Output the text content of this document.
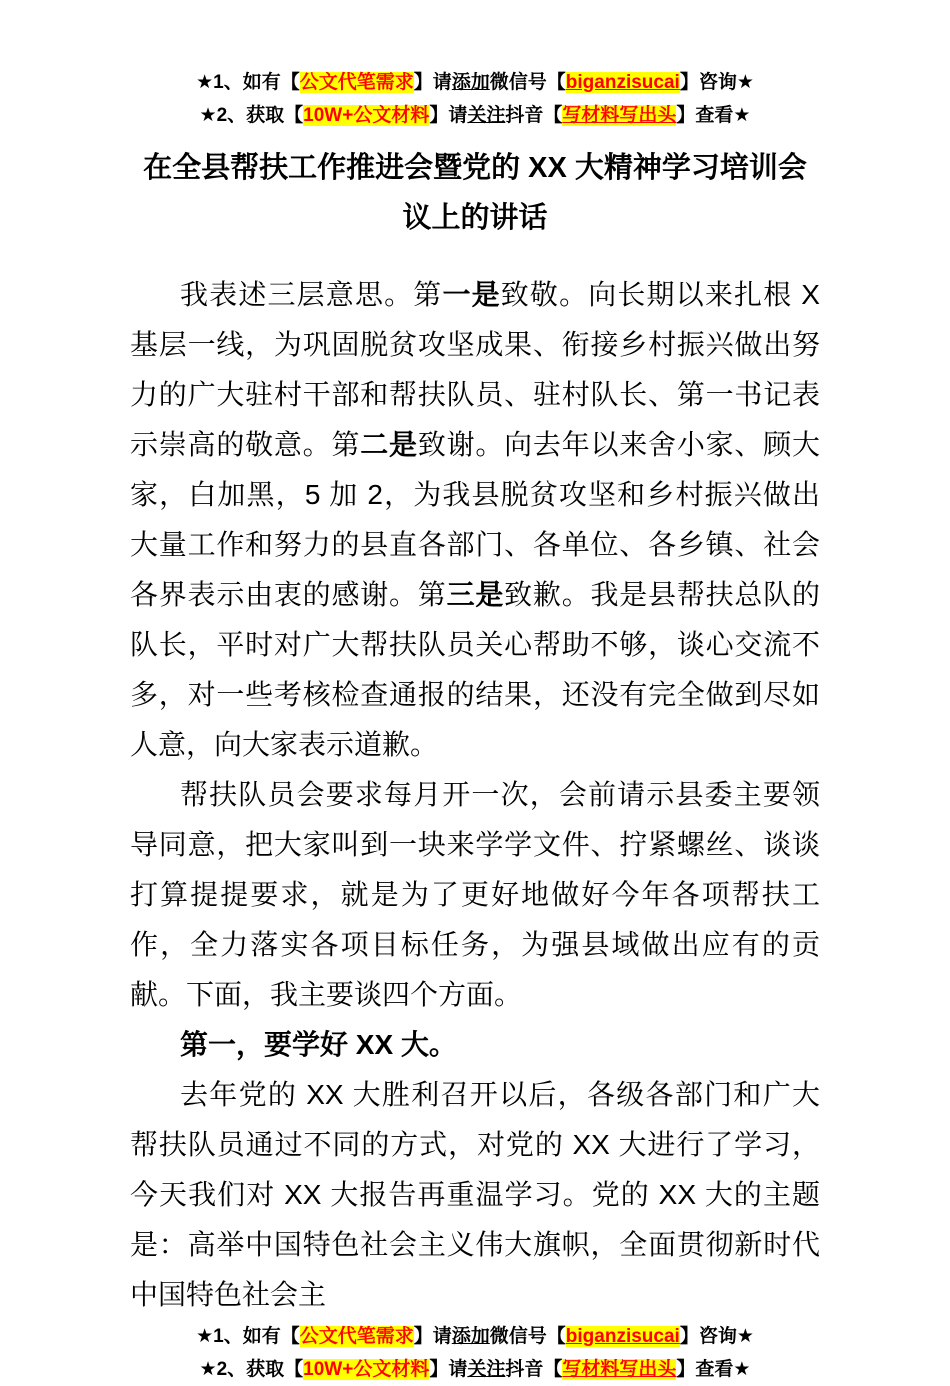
★1、如有【公文代笔需求】请添加微信号【biganzisucai】咨询★
★2、获取【10W+公文材料】请关注抖音【写材料写出头】查看★
在全县帮扶工作推进会暨党的 XX 大精神学习培训会议上的讲话

我表述三层意思。第一是致敬。向长期以来扎根 X 基层一线，为巩固脱贫攻坚成果、衔接乡村振兴做出努力的广大驻村干部和帮扶队员、驻村队长、第一书记表示崇高的敬意。第二是致谢。向去年以来舍小家、顾大家，白加黑，5 加 2，为我县脱贫攻坚和乡村振兴做出大量工作和努力的县直各部门、各单位、各乡镇、社会各界表示由衷的感谢。第三是致歉。我是县帮扶总队的队长，平时对广大帮扶队员关心帮助不够，谈心交流不多，对一些考核检查通报的结果，还没有完全做到尽如人意，向大家表示道歉。

帮扶队员会要求每月开一次，会前请示县委主要领导同意，把大家叫到一块来学学文件、拧紧螺丝、谈谈打算提提要求，就是为了更好地做好今年各项帮扶工作，全力落实各项目标任务，为强县域做出应有的贡献。下面，我主要谈四个方面。

第一，要学好 XX 大。

去年党的 XX 大胜利召开以后，各级各部门和广大帮扶队员通过不同的方式，对党的 XX 大进行了学习，今天我们对 XX 大报告再重温学习。党的 XX 大的主题是：高举中国特色社会主义伟大旗帜，全面贯彻新时代中国特色社会主

★1、如有【公文代笔需求】请添加微信号【biganzisucai】咨询★
★2、获取【10W+公文材料】请关注抖音【写材料写出头】查看★
